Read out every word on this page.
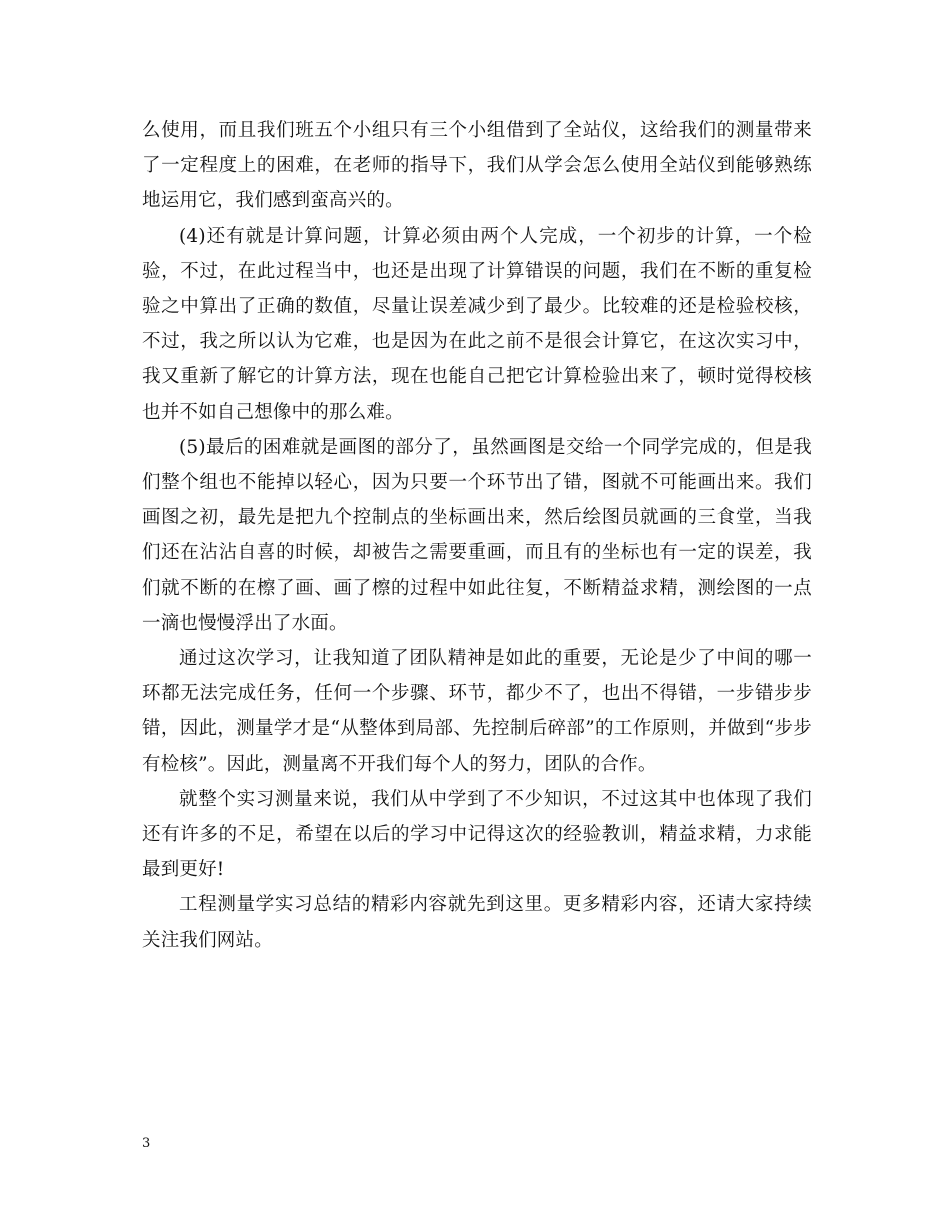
么使用，而且我们班五个小组只有三个小组借到了全站仪，这给我们的测量带来了一定程度上的困难，在老师的指导下，我们从学会怎么使用全站仪到能够熟练地运用它，我们感到蛮高兴的。

(4)还有就是计算问题，计算必须由两个人完成，一个初步的计算，一个检验，不过，在此过程当中，也还是出现了计算错误的问题，我们在不断的重复检验之中算出了正确的数值，尽量让误差减少到了最少。比较难的还是检验校核，不过，我之所以认为它难，也是因为在此之前不是很会计算它，在这次实习中，我又重新了解它的计算方法，现在也能自己把它计算检验出来了，顿时觉得校核也并不如自己想像中的那么难。

(5)最后的困难就是画图的部分了，虽然画图是交给一个同学完成的，但是我们整个组也不能掉以轻心，因为只要一个环节出了错，图就不可能画出来。我们画图之初，最先是把九个控制点的坐标画出来，然后绘图员就画的三食堂，当我们还在沾沾自喜的时候，却被告之需要重画，而且有的坐标也有一定的误差，我们就不断的在檫了画、画了檫的过程中如此往复，不断精益求精，测绘图的一点一滴也慢慢浮出了水面。

通过这次学习，让我知道了团队精神是如此的重要，无论是少了中间的哪一环都无法完成任务，任何一个步骤、环节，都少不了，也出不得错，一步错步步错，因此，测量学才是“从整体到局部、先控制后碎部”的工作原则，并做到“步步有检核”。因此，测量离不开我们每个人的努力，团队的合作。

就整个实习测量来说，我们从中学到了不少知识，不过这其中也体现了我们还有许多的不足，希望在以后的学习中记得这次的经验教训，精益求精，力求能最到更好!

工程测量学实习总结的精彩内容就先到这里。更多精彩内容，还请大家持续关注我们网站。

3
